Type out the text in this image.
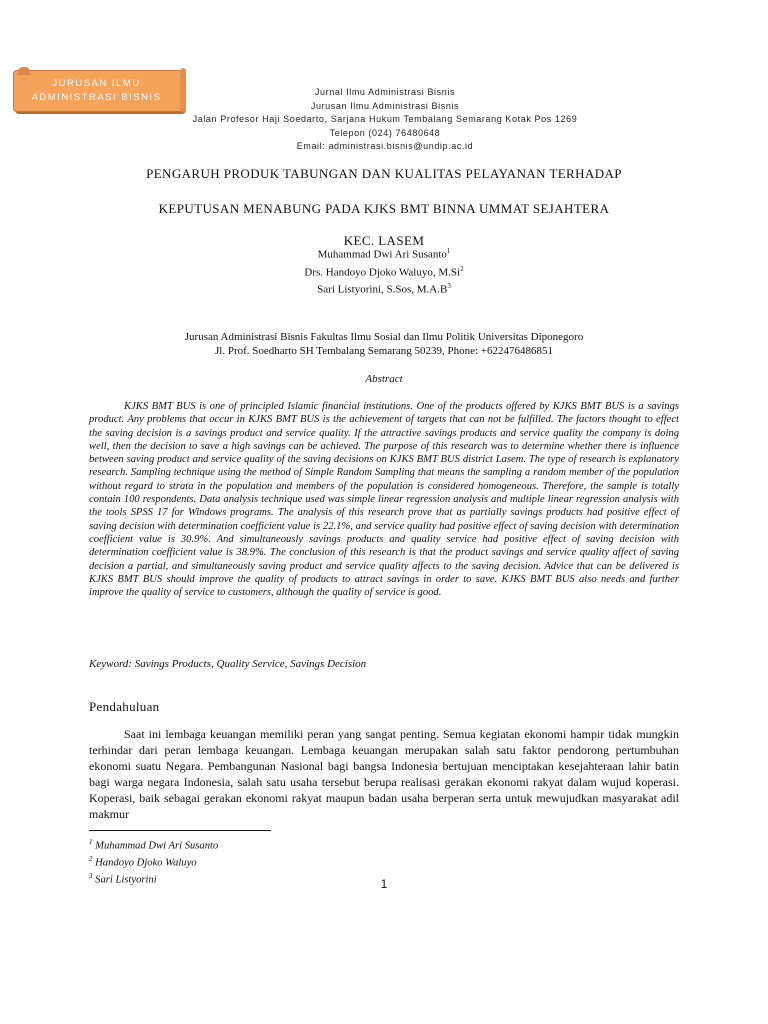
JURUSAN ILMU
ADMINISTRASI BISNIS	Jurnal Ilmu Administrasi Bisnis
Jurusan Ilmu Administrasi Bisnis
Jalan Profesor Haji Soedarto, Sarjana Hukum Tembalang Semarang Kotak Pos 1269
Telepon (024) 76480648
Email: administrasi.bisnis@undip.ac.id
PENGARUH PRODUK TABUNGAN DAN KUALITAS PELAYANAN TERHADAP
KEPUTUSAN MENABUNG PADA KJKS BMT BINNA UMMAT SEJAHTERA
KEC. LASEM
Muhammad Dwi Ari Susanto$^1$
Drs. Handoyo Djoko Waluyo, M.Si$^2$
Sari Listyorini, S.Sos, $M.A.B^3$
Jurusan Administrasi Bisnis Fakultas Ilmu Sosial dan Ilmu Politik Universitas Diponegoro
Jl. Prof. Soedharto SH Tembalang Semarang 50239, Phone: +622476486851
Abstract

KJKS BMT BUS is one of principled Islamic financial institutions. One of the products offered by KJKS BMT BUS is a savings product. Any problems that occur in KJKS BMT BUS is the achievement of targets that can not be fulfilled. The factors thought to effect the saving decision is a savings product and service quality. If the attractive savings products and service quality the company is doing well, then the decision to save a high savings can be achieved. The purpose of this research was to determine whether there is influence between saving product and service quality of the saving decisions on KJKS BMT BUS district Lasem. The type of research is explanatory research. Sampling technique using the method of Simple Random Sampling that means the sampling a random member of the population without regard to strata in the population and members of the population is considered homogeneous. Therefore, the sample is totally contain 100 respondents. Data analysis technique used was simple linear regression analysis and multiple linear regression analysis with the tools SPSS 17 for Windows programs. The analysis of this research prove that as partially savings products had positive effect of saving decision with determination coefficient value is 22.1%, and service quality had positive effect of saving decision with determination coefficient value is 30.9%. And simultaneously savings products and quality service had positive effect of saving decision with determination coefficient value is 38.9%. The conclusion of this research is that the product savings and service quality affect of saving decision a partial, and simultaneously saving product and service quality affects to the saving decision. Advice that can be delivered is KJKS BMT BUS should improve the quality of products to attract savings in order to save. KJKS BMT BUS also needs and further improve the quality of service to customers, although the quality of service is good.

Keyword: Savings Products, Quality Service, Savings Decision
Pendahuluan

Saat ini lembaga keuangan memiliki peran yang sangat penting. Semua kegiatan ekonomi hampir tidak mungkin terhindar dari peran lembaga keuangan. Lembaga keuangan merupakan salah satu faktor pendorong pertumbuhan ekonomi suatu Negara. Pembangunan Nasional bagi bangsa Indonesia bertujuan menciptakan kesejahteraan lahir batin bagi warga negara Indonesia, salah satu usaha tersebut berupa realisasi gerakan ekonomi rakyat dalam wujud koperasi. Koperasi, baik sebagai gerakan ekonomi rakyat maupun badan usaha berperan serta untuk mewujudkan masyarakat adil makmur

$^1$ Muhammad Dwi Ari Susanto
$^2$ Handoyo Djoko Waluyo
$^3$ Sari Listyorini	1
